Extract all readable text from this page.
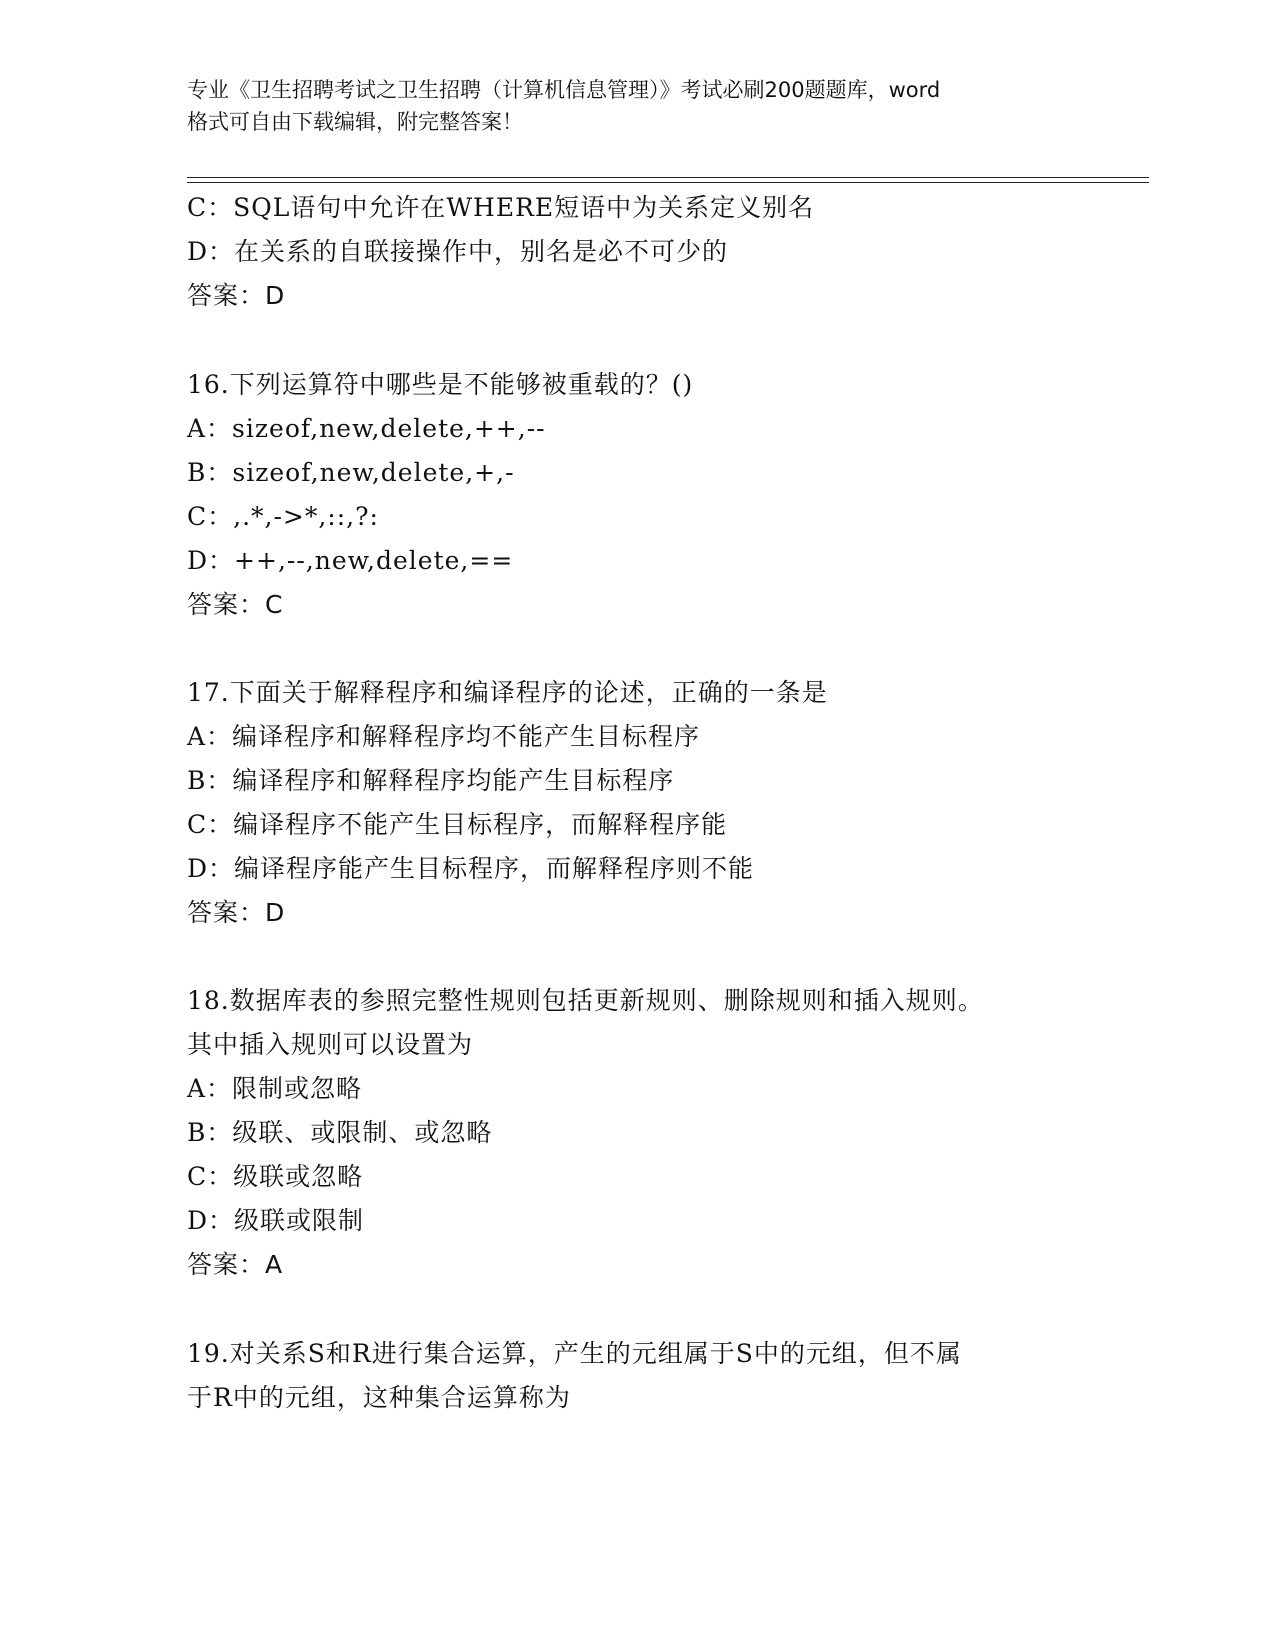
专业《卫生招聘考试之卫生招聘（计算机信息管理）》考试必刷200题题库，word
格式可自由下载编辑，附完整答案！
C：SQL语句中允许在WHERE短语中为关系定义别名
D：在关系的自联接操作中，别名是必不可少的
答案：D
16.下列运算符中哪些是不能够被重载的？()
A：sizeof,new,delete,++,--
B：sizeof,new,delete,+,-
C：,.*,->*,::,?:
D：++,--,new,delete,==
答案：C
17.下面关于解释程序和编译程序的论述，正确的一条是
A：编译程序和解释程序均不能产生目标程序
B：编译程序和解释程序均能产生目标程序
C：编译程序不能产生目标程序，而解释程序能
D：编译程序能产生目标程序，而解释程序则不能
答案：D
18.数据库表的参照完整性规则包括更新规则、删除规则和插入规则。
其中插入规则可以设置为
A：限制或忽略
B：级联、或限制、或忽略
C：级联或忽略
D：级联或限制
答案：A
19.对关系S和R进行集合运算，产生的元组属于S中的元组，但不属
于R中的元组，这种集合运算称为
